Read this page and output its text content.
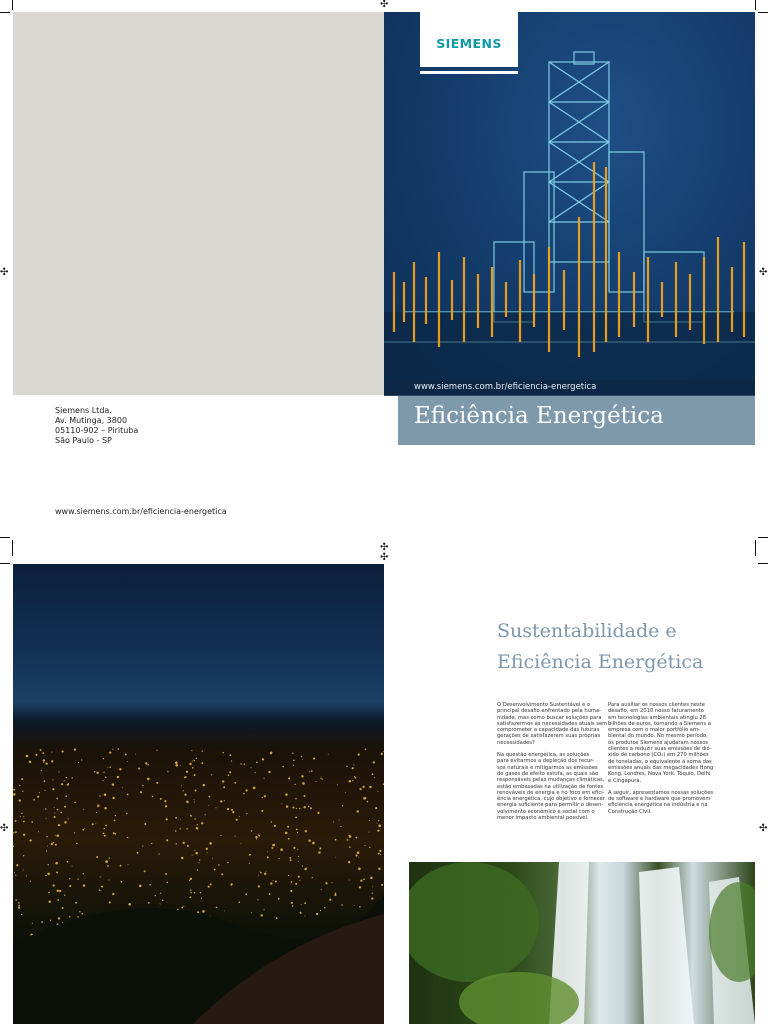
✣
✣	✣
✣
✣
✣	✣
SIEMENS
www.siemens.com.br/eficiencia-energetica
Eficiência Energética
Siemens Ltda.
Av. Mutinga, 3800
05110-902 – Pirituba
São Paulo - SP
www.siemens.com.br/eficiencia-energetica
Sustentabilidade e
Eficiência Energética

O Desenvolvimento Sustentável é o
principal desafio enfrentado pela huma-
nidade, mas como buscar soluções para
satisfazermos as necessidades atuais sem
comprometer a capacidade das futuras
gerações de satisfazerem suas próprias
necessidades?

Na questão energética, as soluções
para evitarmos a depleção dos recur-
sos naturais e mitigarmos as emissões
de gases de efeito estufa, as quais são
responsáveis pelas mudanças climáticas,
estão embasadas na utilização de fontes
renováveis de energia e no foco em efici-
ência energética, cujo objetivo é fornecer
energia suficiente para permitir o desen-
volvimento econômico e social com o
menor impacto ambiental possível.

Para auxiliar os nossos clientes neste
desafio, em 2010 nosso faturamento
em tecnologias ambientais atingiu 28
bilhões de euros, tornando a Siemens a
empresa com o maior portfólio am-
biental do mundo. No mesmo período,
os produtos Siemens ajudaram nossos
clientes a reduzir suas emissões de dió-
xido de carbono (CO₂) em 270 milhões
de toneladas, o equivalente à soma das
emissões anuais das megacidades Hong
Kong, Londres, Nova York, Tóquio, Delhi
e Cingapura.

A seguir, apresentamos nossas soluções
de software e hardware que promovem
eficiência energética na indústria e na
Construção Civil.
